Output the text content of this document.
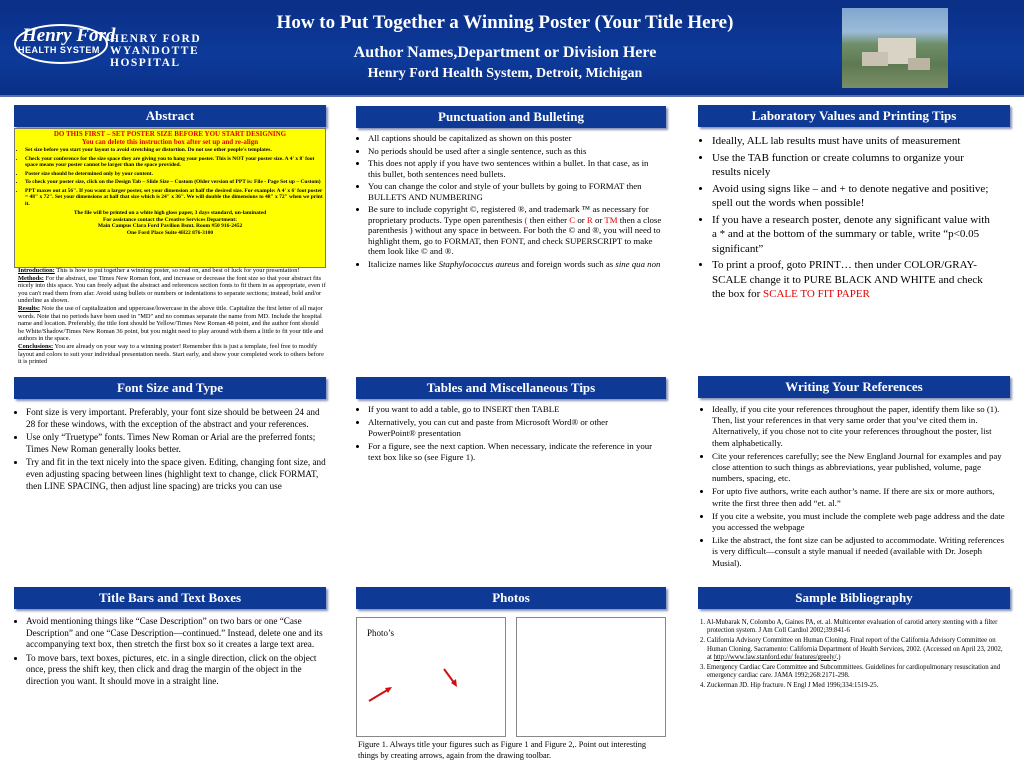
Henry Ford
HEALTH SYSTEM
HENRY FORD
WYANDOTTE HOSPITAL
How to Put Together a Winning Poster (Your Title Here)
Author Names,Department or Division Here
Henry Ford Health System, Detroit, Michigan
Abstract
DO THIS FIRST – SET POSTER SIZE BEFORE YOU START DESIGNING
You can delete this instruction box after set up and re-align
• Set size before you start your layout to avoid stretching or distortion. Do not use other people's templates.
• Check your conference for the size space they are giving you to hang your poster. This is NOT your poster size. A 4' x 8' foot space means your poster cannot be larger than the space provided.
• Poster size should be determined only by your content.
• To check your poster size, click on the Design Tab – Slide Size – Custom (Older version of PPT is: File - Page Set up – Custom)
• PPT maxes out at 56". If you want a larger poster, set your dimension at half the desired size. For example: A 4' x 6' foot poster = 48" x 72". Set your dimensions at half that size which is 24" x 36". We will double the dimensions to 48" x 72" when we print it.
The file will be printed on a white high gloss paper, 3 days standard, un-laminated
For assistance contact the Creative Services Department:
Main Campus Clara Ford Pavilion Bsmt. Room #50 916-2452
One Ford Place Suite 4H22 876-3100
Introduction: This is how to put together a winning poster, so read on, and best of luck for your presentation!
Methods: For the abstract, use Times New Roman font, and increase or decrease the font size so that your abstract fits nicely into this space. You can freely adjust the abstract and references section fonts to fit them in as appropriate, even if you can't read them from afar. Avoid using bullets or numbers or indentations to separate sections; instead, bold and/or underline as shown.
Results: Note the use of capitalization and uppercase/lowercase in the above title. Capitalize the first letter of all major words. Note that no periods have been used in "MD" and no commas separate the name from MD. Include the hospital name and location. Preferably, the title font should be Yellow/Times New Roman 48 point, and the author font should be White/Shadow/Times New Roman 36 point, but you might need to play around with them a little to fit your title and authors in the space.
Conclusions: You are already on your way to a winning poster! Remember this is just a template, feel free to modify layout and colors to suit your individual presentation needs. Start early, and show your completed work to others before it is printed
Punctuation and Bulleting
• All captions should be capitalized as shown on this poster
• No periods should be used after a single sentence, such as this
• This does not apply if you have two sentences within a bullet. In that case, as in this bullet, both sentences need bullets.
• You can change the color and style of your bullets by going to FORMAT then BULLETS AND NUMBERING
• Be sure to include copyright ©, registered ®, and trademark ™ as necessary for proprietary products. Type open parenthesis ( then either C or R or TM then a close parenthesis ) without any space in between. For both the © and ®, you will need to highlight them, go to FORMAT, then FONT, and check SUPERSCRIPT to make them look like © and ®.
• Italicize names like Staphylococcus aureus and foreign words such as sine qua non
Laboratory Values and Printing Tips
• Ideally, ALL lab results must have units of measurement
• Use the TAB function or create columns to organize your results nicely
• Avoid using signs like – and + to denote negative and positive; spell out the words when possible!
• If you have a research poster, denote any significant value with a * and at the bottom of the summary or table, write “p<0.05 significant”
• To print a proof, goto PRINT… then under COLOR/GRAY-SCALE change it to PURE BLACK AND WHITE and check the box for SCALE TO FIT PAPER
Font Size and Type
• Font size is very important. Preferably, your font size should be between 24 and 28 for these windows, with the exception of the abstract and your references.
• Use only “Truetype” fonts. Times New Roman or Arial are the preferred fonts; Times New Roman generally looks better.
• Try and fit in the text nicely into the space given. Editing, changing font size, and even adjusting spacing between lines (highlight text to change, click FORMAT, then LINE SPACING, then adjust line spacing) are tricks you can use
Tables and Miscellaneous Tips
• If you want to add a table, go to INSERT then TABLE
• Alternatively, you can cut and paste from Microsoft Word® or other PowerPoint® presentation
• For a figure, see the next caption. When necessary, indicate the reference in your text box like so (see Figure 1).
Writing Your References
• Ideally, if you cite your references throughout the paper, identify them like so (1). Then, list your references in that very same order that you’ve cited them in. Alternatively, if you chose not to cite your references throughout the poster, list them alphabetically.
• Cite your references carefully; see the New England Journal for examples and pay close attention to such things as abbreviations, year published, volume, page numbers, spacing, etc.
• For upto five authors, write each author’s name. If there are six or more authors, write the first three then add “et. al.”
• If you cite a website, you must include the complete web page address and the date you accessed the webpage
• Like the abstract, the font size can be adjusted to accommodate. Writing references is very difficult—consult a style manual if needed (available with Dr. Joseph Musial).
Title Bars and Text Boxes
• Avoid mentioning things like “Case Description” on two bars or one “Case Description” and one “Case Description—continued.” Instead, delete one and its accompanying text box, then stretch the first box so it creates a large text area.
• To move bars, text boxes, pictures, etc. in a single direction, click on the object once, press the shift key, then click and drag the margin of the object in the direction you want. It should move in a straight line.
Photos
Photo’s
Figure 1. Always title your figures such as Figure 1 and Figure 2,. Point out interesting things by creating arrows, again from the drawing toolbar.
Sample Bibliography
1. Al-Mubarak N, Colombo A, Gaines PA, et. al. Multicenter evaluation of carotid artery stenting with a filter protection system. J Am Coll Cardiol 2002;39:841-6
2. California Advisory Committee on Human Cloning. Final report of the California Advisory Committee on Human Cloning. Sacramento: California Department of Health Services, 2002. (Accessed on April 23, 2002, at http://www.law.stanford.edu/ features/greely/.)
3. Emergency Cardiac Care Committee and Subcommittees. Guidelines for cardiopulmonary resuscitation and emergency cardiac care. JAMA 1992;268:2171-298.
4. Zuckerman JD. Hip fracture. N Engl J Med 1996;334:1519-25.
